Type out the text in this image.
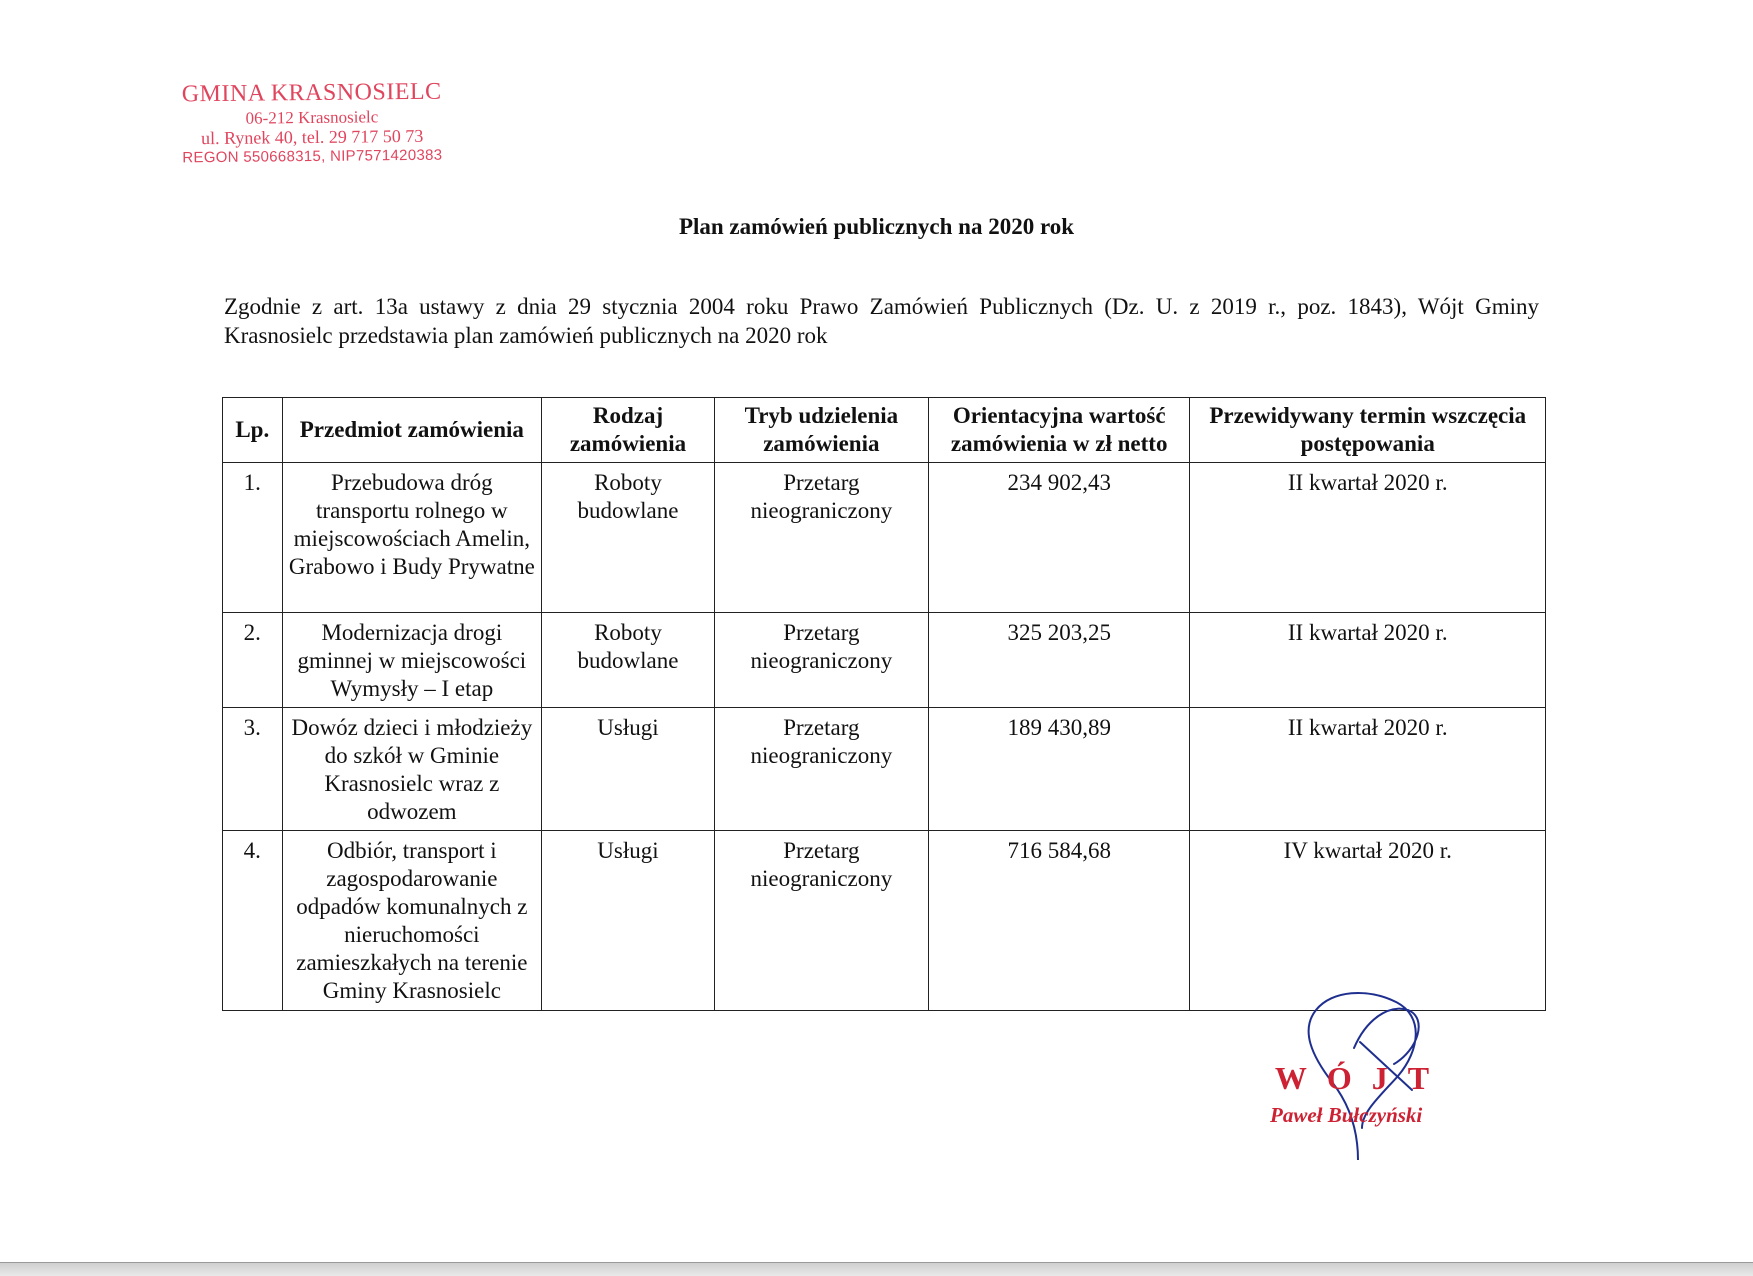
GMINA KRASNOSIELC
06-212 Krasnosielc
ul. Rynek 40, tel. 29 717 50 73
REGON 550668315, NIP7571420383
Plan zamówień publicznych na 2020 rok
Zgodnie z art. 13a ustawy z dnia 29 stycznia 2004 roku Prawo Zamówień Publicznych (Dz. U. z 2019 r., poz. 1843), Wójt Gminy
Krasnosielc przedstawia plan zamówień publicznych na 2020 rok
Lp.	Przedmiot zamówienia	Rodzaj zamówienia	Tryb udzielenia zamówienia	Orientacyjna wartość zamówienia w zł netto	Przewidywany termin wszczęcia postępowania
1.	Przebudowa dróg transportu rolnego w miejscowościach Amelin, Grabowo i Budy Prywatne	Roboty budowlane	Przetarg nieograniczony	234 902,43	II kwartał 2020 r.
2.	Modernizacja drogi gminnej w miejscowości Wymysły – I etap	Roboty budowlane	Przetarg nieograniczony	325 203,25	II kwartał 2020 r.
3.	Dowóz dzieci i młodzieży do szkół w Gminie Krasnosielc wraz z odwozem	Usługi	Przetarg nieograniczony	189 430,89	II kwartał 2020 r.
4.	Odbiór, transport i zagospodarowanie odpadów komunalnych z nieruchomości zamieszkałych na terenie Gminy Krasnosielc	Usługi	Przetarg nieograniczony	716 584,68	IV kwartał 2020 r.
WÓJT
Paweł Bułczyński
